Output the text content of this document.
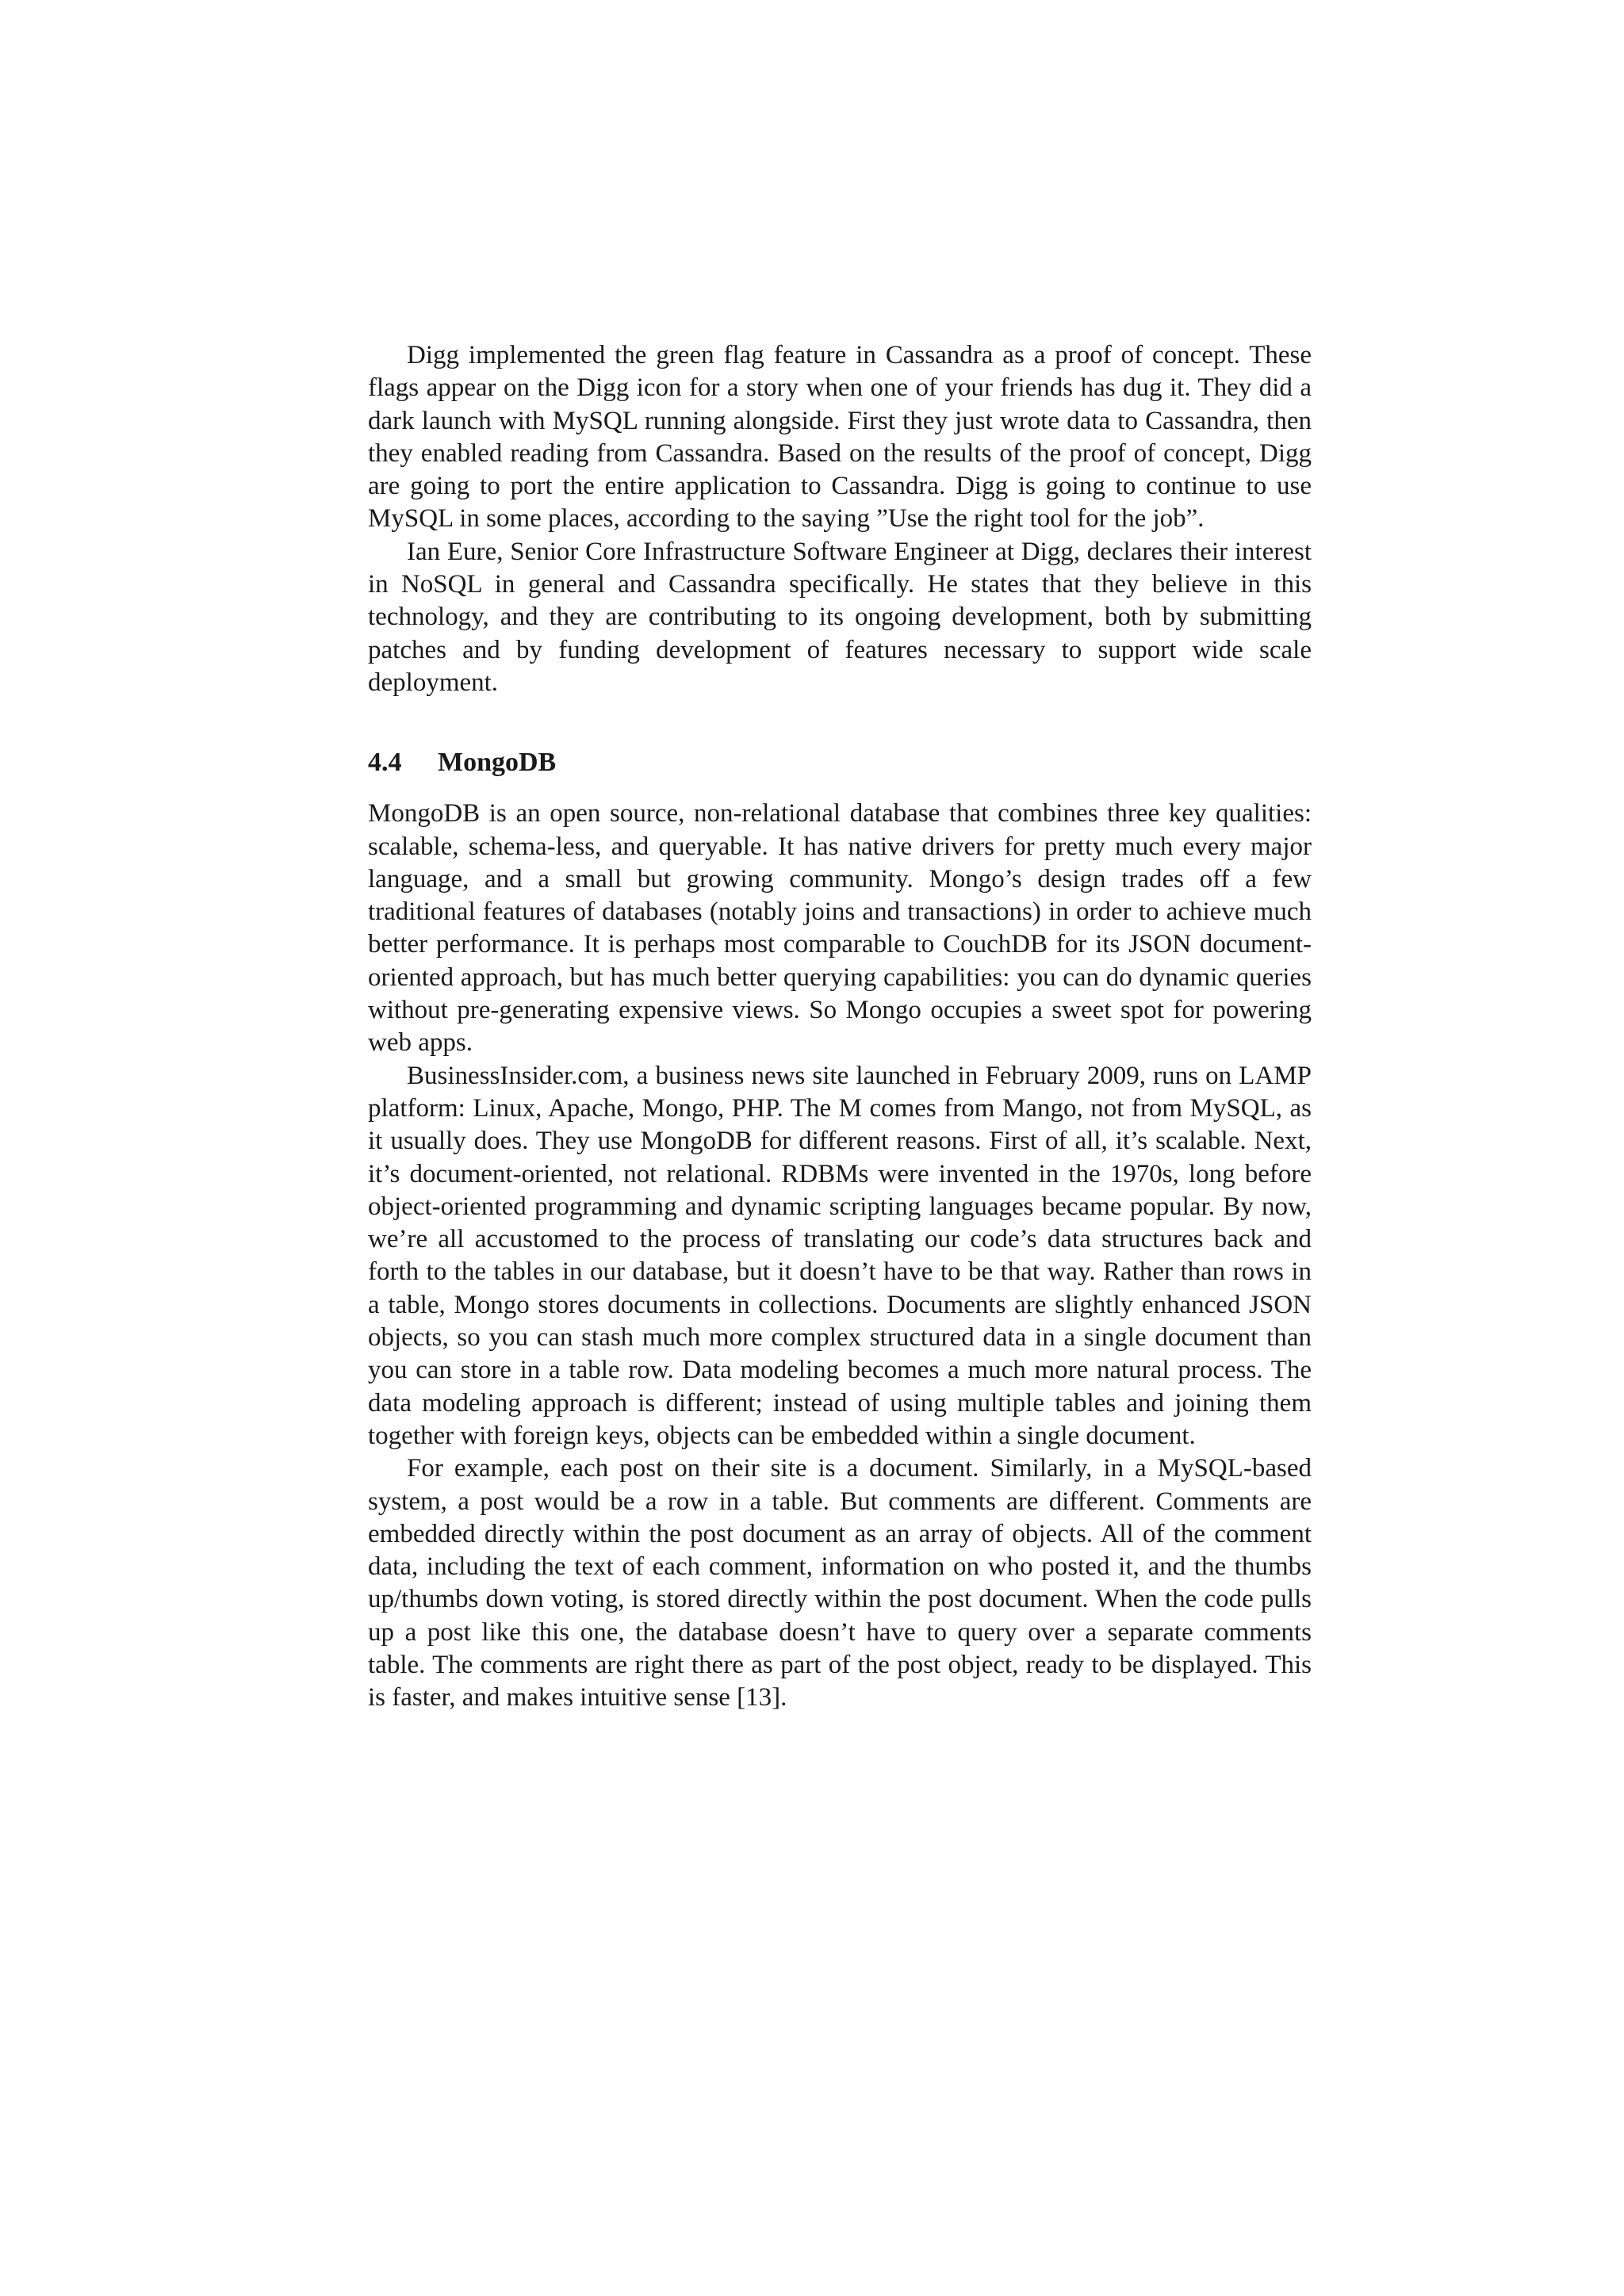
Digg implemented the green flag feature in Cassandra as a proof of concept. These flags appear on the Digg icon for a story when one of your friends has dug it. They did a dark launch with MySQL running alongside. First they just wrote data to Cassandra, then they enabled reading from Cassandra. Based on the results of the proof of concept, Digg are going to port the entire application to Cassandra. Digg is going to continue to use MySQL in some places, according to the saying ”Use the right tool for the job”.

Ian Eure, Senior Core Infrastructure Software Engineer at Digg, declares their interest in NoSQL in general and Cassandra specifically. He states that they believe in this technology, and they are contributing to its ongoing development, both by submitting patches and by funding development of features necessary to support wide scale deployment.

4.4 MongoDB

MongoDB is an open source, non-relational database that combines three key qualities: scalable, schema-less, and queryable. It has native drivers for pretty much every major language, and a small but growing community. Mongo’s design trades off a few traditional features of databases (notably joins and transactions) in order to achieve much better performance. It is perhaps most comparable to CouchDB for its JSON document-oriented approach, but has much better querying capabilities: you can do dynamic queries without pre-generating expensive views. So Mongo occupies a sweet spot for powering web apps.

BusinessInsider.com, a business news site launched in February 2009, runs on LAMP platform: Linux, Apache, Mongo, PHP. The M comes from Mango, not from MySQL, as it usually does. They use MongoDB for different reasons. First of all, it’s scalable. Next, it’s document-oriented, not relational. RDBMs were invented in the 1970s, long before object-oriented programming and dynamic scripting languages became popular. By now, we’re all accustomed to the process of translating our code’s data structures back and forth to the tables in our database, but it doesn’t have to be that way. Rather than rows in a table, Mongo stores documents in collections. Documents are slightly enhanced JSON objects, so you can stash much more complex structured data in a single document than you can store in a table row. Data modeling becomes a much more natural process. The data modeling approach is different; instead of using multiple tables and joining them together with foreign keys, objects can be embedded within a single document.

For example, each post on their site is a document. Similarly, in a MySQL-based system, a post would be a row in a table. But comments are different. Comments are embedded directly within the post document as an array of objects. All of the comment data, including the text of each comment, information on who posted it, and the thumbs up/thumbs down voting, is stored directly within the post document. When the code pulls up a post like this one, the database doesn’t have to query over a separate comments table. The comments are right there as part of the post object, ready to be displayed. This is faster, and makes intuitive sense [13].
